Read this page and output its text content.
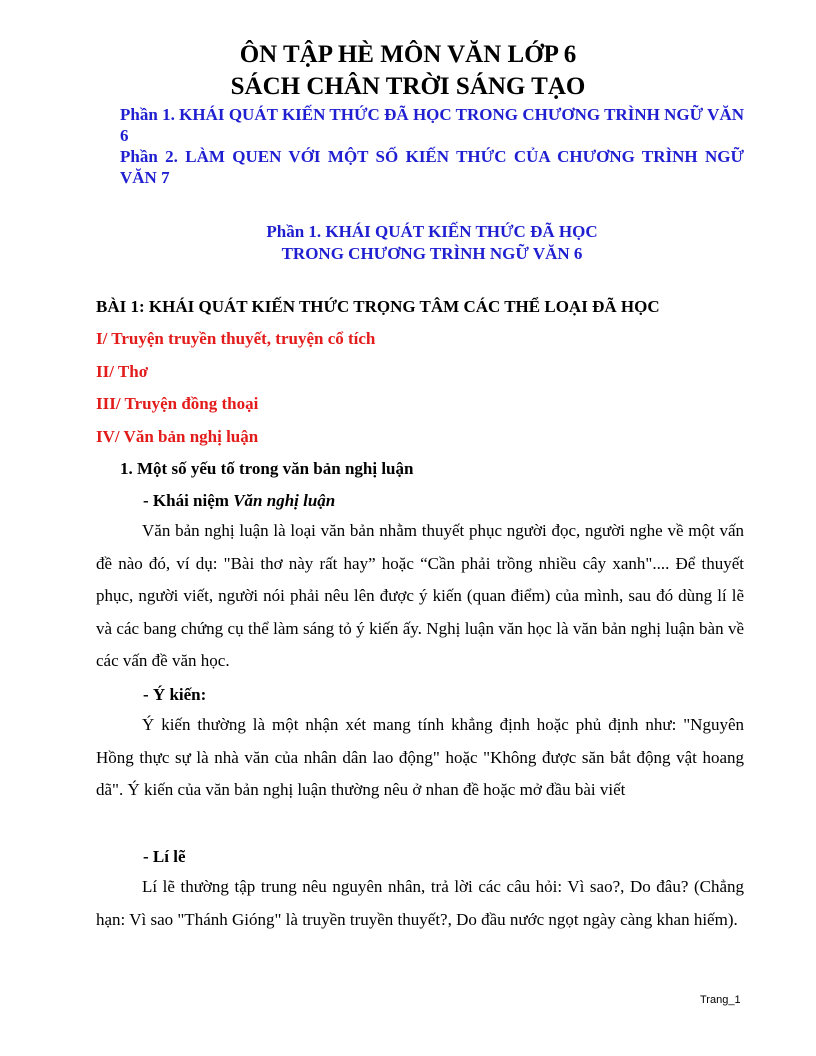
ÔN TẬP HÈ MÔN VĂN LỚP 6
SÁCH CHÂN TRỜI SÁNG TẠO

Phần 1. KHÁI QUÁT KIẾN THỨC ĐÃ HỌC TRONG CHƯƠNG TRÌNH NGỮ VĂN 6

Phần 2. LÀM QUEN VỚI MỘT SỐ KIẾN THỨC CỦA CHƯƠNG TRÌNH NGỮ VĂN 7

Phần 1. KHÁI QUÁT KIẾN THỨC ĐÃ HỌC
TRONG CHƯƠNG TRÌNH NGỮ VĂN 6
BÀI 1: KHÁI QUÁT KIẾN THỨC TRỌNG TÂM CÁC THỂ LOẠI ĐÃ HỌC
I/ Truyện truyền thuyết, truyện cổ tích
II/ Thơ
III/ Truyện đồng thoại
IV/ Văn bản nghị luận
1. Một số yếu tố trong văn bản nghị luận
- Khái niệm Văn nghị luận

Văn bản nghị luận là loại văn bản nhằm thuyết phục người đọc, người nghe về một vấn đề nào đó, ví dụ: "Bài thơ này rất hay” hoặc “Cần phải trồng nhiều cây xanh".... Để thuyết phục, người viết, người nói phải nêu lên được ý kiến (quan điểm) của mình, sau đó dùng lí lẽ và các bang chứng cụ thể làm sáng tỏ ý kiến ấy. Nghị luận văn học là văn bản nghị luận bàn về các vấn đề văn học.

- Ý kiến:

Ý kiến thường là một nhận xét mang tính khẳng định hoặc phủ định như: "Nguyên Hồng thực sự là nhà văn của nhân dân lao động" hoặc "Không được săn bắt động vật hoang dã". Ý kiến của văn bản nghị luận thường nêu ở nhan đề hoặc mở đầu bài viết

- Lí lẽ

Lí lẽ thường tập trung nêu nguyên nhân, trả lời các câu hỏi: Vì sao?, Do đâu? (Chẳng hạn: Vì sao "Thánh Gióng" là truyền truyền thuyết?, Do đầu nước ngọt ngày càng khan hiếm).

Trang_1
